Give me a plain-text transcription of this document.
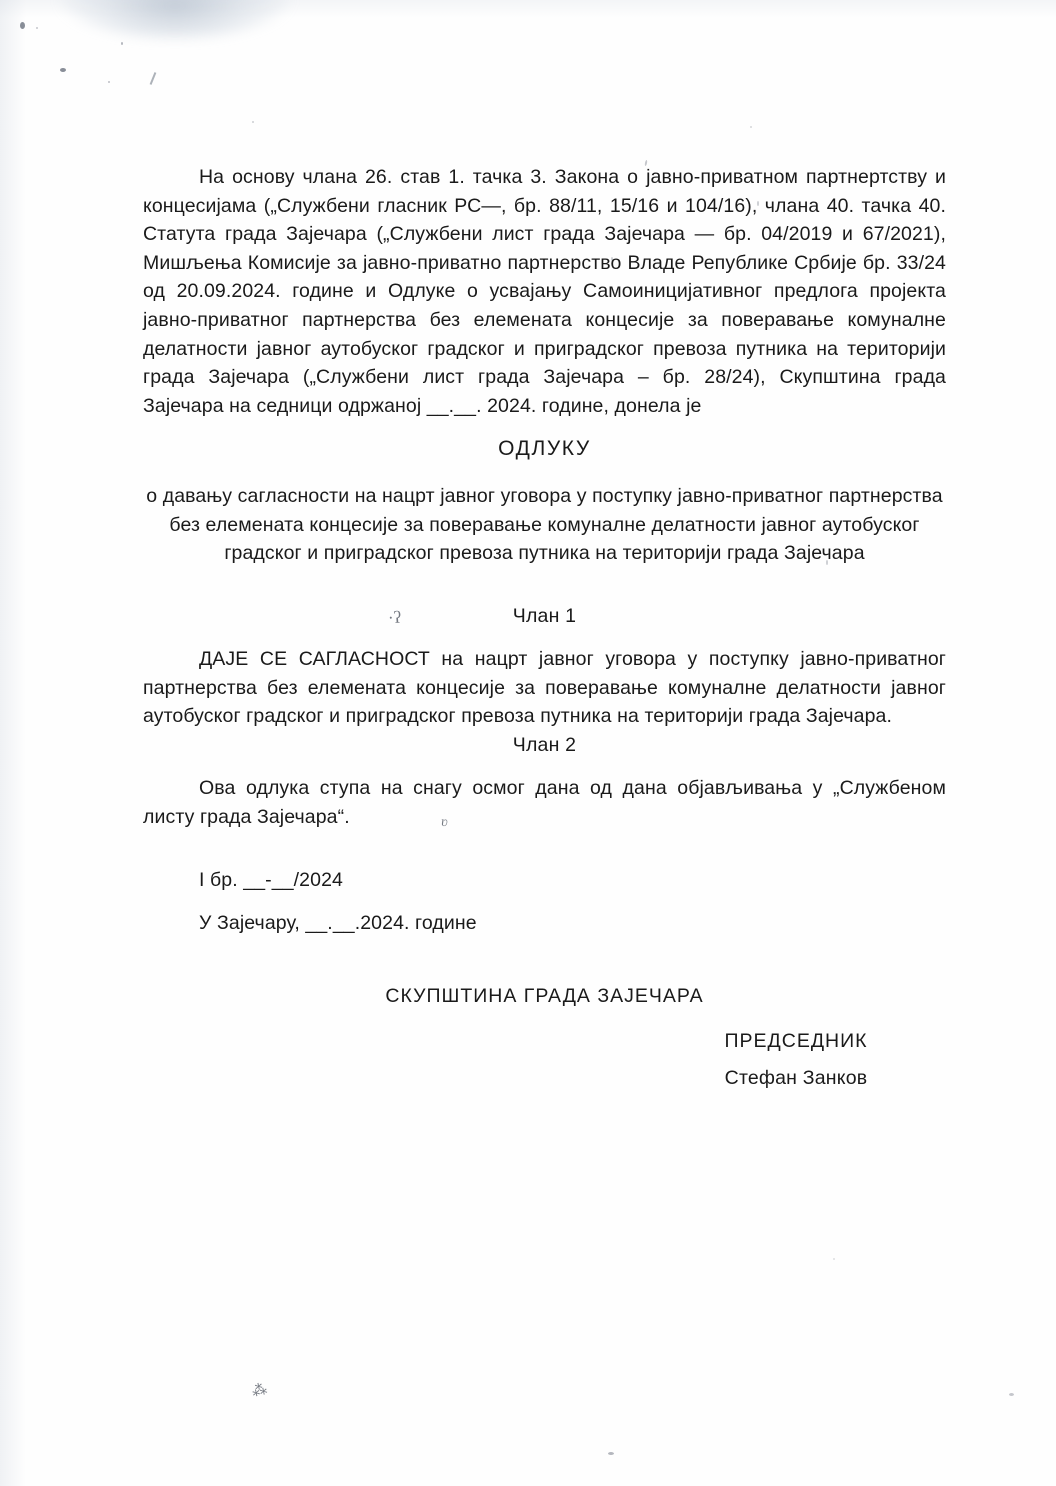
·ʔ
ʋ
⁂

На основу члана 26. став 1. тачка 3. Закона о јавно-приватном партнертству и концесијама („Службени гласник РС—, бр. 88/11, 15/16 и 104/16), члана 40. тачка 40. Статута града Зајечара („Службени лист града Зајечара — бр. 04/2019 и 67/2021), Мишљења Комисије за јавно-приватно партнерство Владе Републике Србије бр. 33/24 од 20.09.2024. године и Одлуке о усвајању Самоиницијативног предлога пројекта јавно-приватног партнерства без елемената концесије за поверавање комуналне делатности јавног аутобуског градског и приградског превоза путника на територији града Зајечара („Службени лист града Зајечара – бр. 28/24), Скупштина града Зајечара на седници одржаној __.__. 2024. године, донела је

ОДЛУКУ

о давању сагласности на нацрт јавног уговора у поступку јавно-приватног партнерства без елемената концесије за поверавање комуналне делатности јавног аутобуског градског и приградског превоза путника на територији града Зајечара

Члан 1

ДАЈЕ СЕ САГЛАСНОСТ на нацрт јавног уговора у поступку јавно-приватног партнерства без елемената концесије за поверавање комуналне делатности јавног аутобуског градског и приградског превоза путника на територији града Зајечара.

Члан 2

Ова одлука ступа на снагу осмог дана од дана објављивања у „Службеном листу града Зајечара“.

I бр. __-__/2024

У Зајечару, __.__.2024. године

СКУПШТИНА ГРАДА ЗАЈЕЧАРА

ПРЕДСЕДНИК

Стефан Занков
